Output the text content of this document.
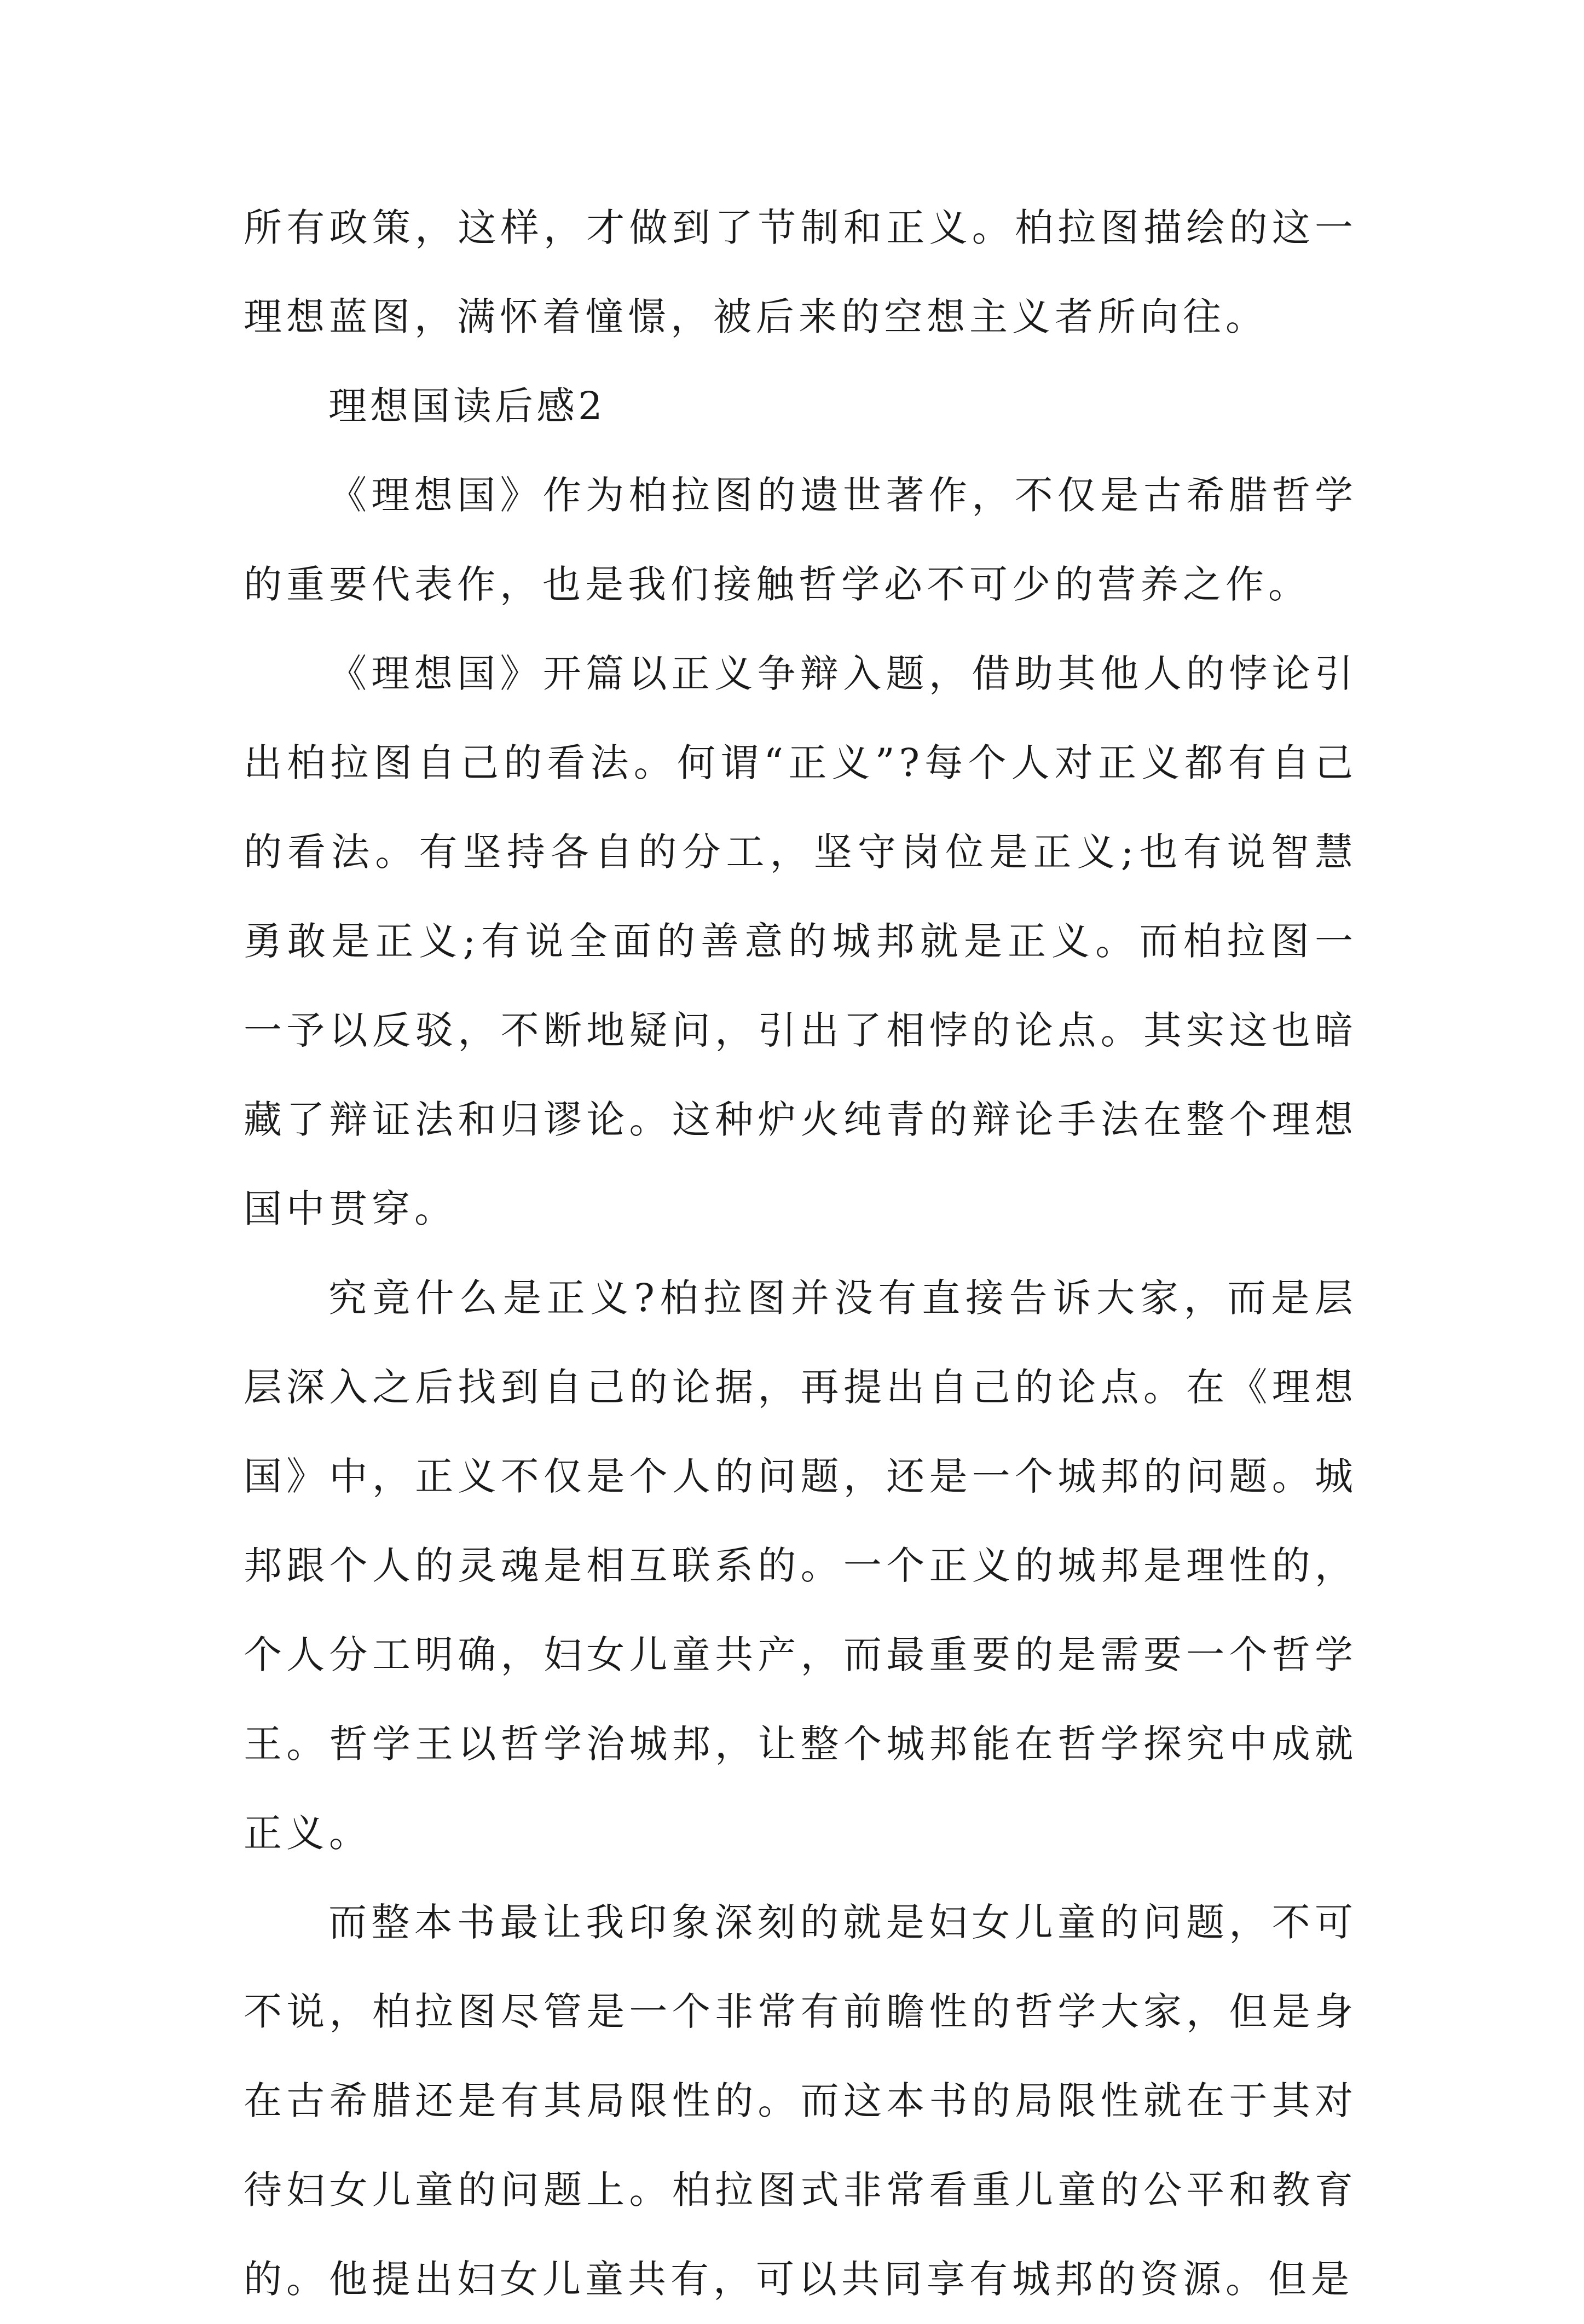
所有政策，这样，才做到了节制和正义。柏拉图描绘的这一理想蓝图，满怀着憧憬，被后来的空想主义者所向往。

理想国读后感2

《理想国》作为柏拉图的遗世著作，不仅是古希腊哲学的重要代表作，也是我们接触哲学必不可少的营养之作。

《理想国》开篇以正义争辩入题，借助其他人的悖论引出柏拉图自己的看法。何谓“正义”?每个人对正义都有自己的看法。有坚持各自的分工，坚守岗位是正义;也有说智慧勇敢是正义;有说全面的善意的城邦就是正义。而柏拉图一一予以反驳，不断地疑问，引出了相悖的论点。其实这也暗藏了辩证法和归谬论。这种炉火纯青的辩论手法在整个理想国中贯穿。

究竟什么是正义?柏拉图并没有直接告诉大家，而是层层深入之后找到自己的论据，再提出自己的论点。在《理想国》中，正义不仅是个人的问题，还是一个城邦的问题。城邦跟个人的灵魂是相互联系的。一个正义的城邦是理性的，个人分工明确，妇女儿童共产，而最重要的是需要一个哲学王。哲学王以哲学治城邦，让整个城邦能在哲学探究中成就正义。

而整本书最让我印象深刻的就是妇女儿童的问题，不可不说，柏拉图尽管是一个非常有前瞻性的哲学大家，但是身在古希腊还是有其局限性的。而这本书的局限性就在于其对待妇女儿童的问题上。柏拉图式非常看重儿童的公平和教育的。他提出妇女儿童共有，可以共同享有城邦的资源。但是
